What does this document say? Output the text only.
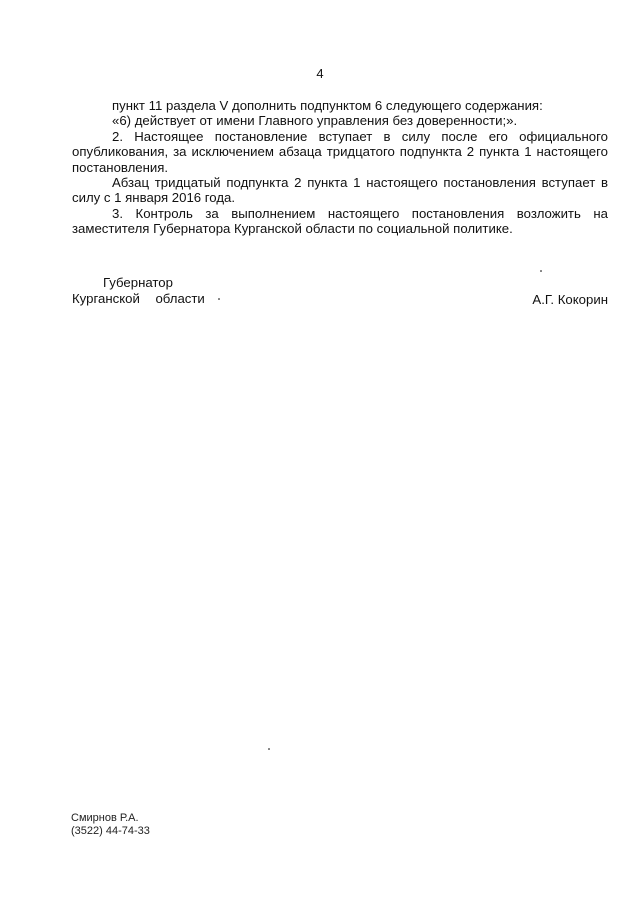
4

пункт 11 раздела V дополнить подпунктом 6 следующего содержания:

«6) действует от имени Главного управления без доверенности;».

2. Настоящее постановление вступает в силу после его официального опубликования, за исключением абзаца тридцатого подпункта 2 пункта 1 настоящего постановления.

Абзац тридцатый подпункта 2 пункта 1 настоящего постановления вступает в силу с 1 января 2016 года.

3. Контроль за выполнением настоящего постановления возложить на заместителя Губернатора Курганской области по социальной политике.

Губернатор
Курганской области	А.Г. Кокорин
Смирнов Р.А.
(3522) 44-74-33
